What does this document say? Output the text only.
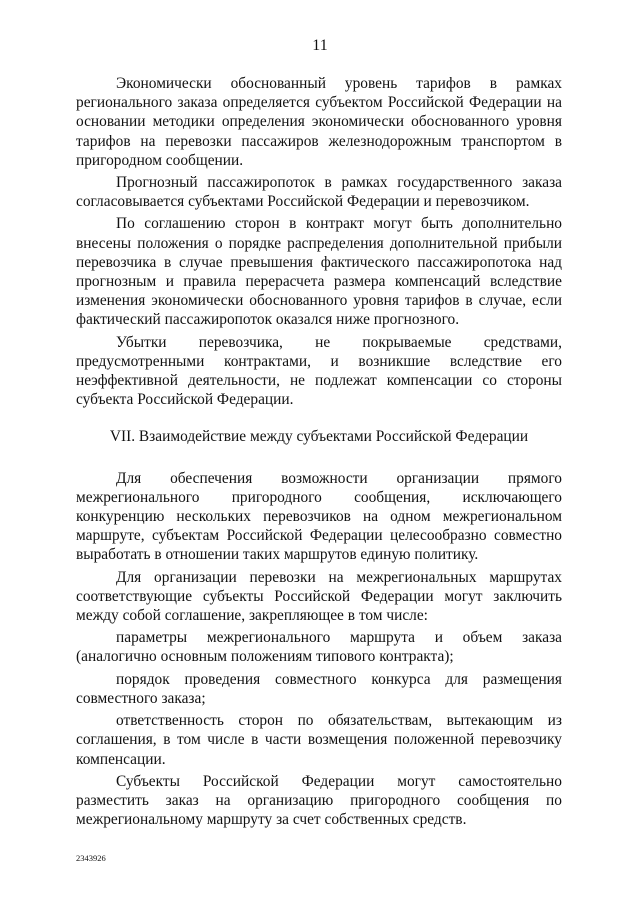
11

Экономически обоснованный уровень тарифов в рамках регионального заказа определяется субъектом Российской Федерации на основании методики определения экономически обоснованного уровня тарифов на перевозки пассажиров железнодорожным транспортом в пригородном сообщении.

Прогнозный пассажиропоток в рамках государственного заказа согласовывается субъектами Российской Федерации и перевозчиком.

По соглашению сторон в контракт могут быть дополнительно внесены положения о порядке распределения дополнительной прибыли перевозчика в случае превышения фактического пассажиропотока над прогнозным и правила перерасчета размера компенсаций вследствие изменения экономически обоснованного уровня тарифов в случае, если фактический пассажиропоток оказался ниже прогнозного.

Убытки перевозчика, не покрываемые средствами, предусмотренными контрактами, и возникшие вследствие его неэффективной деятельности, не подлежат компенсации со стороны субъекта Российской Федерации.

VII. Взаимодействие между субъектами Российской Федерации

Для обеспечения возможности организации прямого межрегионального пригородного сообщения, исключающего конкуренцию нескольких перевозчиков на одном межрегиональном маршруте, субъектам Российской Федерации целесообразно совместно выработать в отношении таких маршрутов единую политику.

Для организации перевозки на межрегиональных маршрутах соответствующие субъекты Российской Федерации могут заключить между собой соглашение, закрепляющее в том числе:

параметры межрегионального маршрута и объем заказа (аналогично основным положениям типового контракта);

порядок проведения совместного конкурса для размещения совместного заказа;

ответственность сторон по обязательствам, вытекающим из соглашения, в том числе в части возмещения положенной перевозчику компенсации.

Субъекты Российской Федерации могут самостоятельно разместить заказ на организацию пригородного сообщения по межрегиональному маршруту за счет собственных средств.

2343926
